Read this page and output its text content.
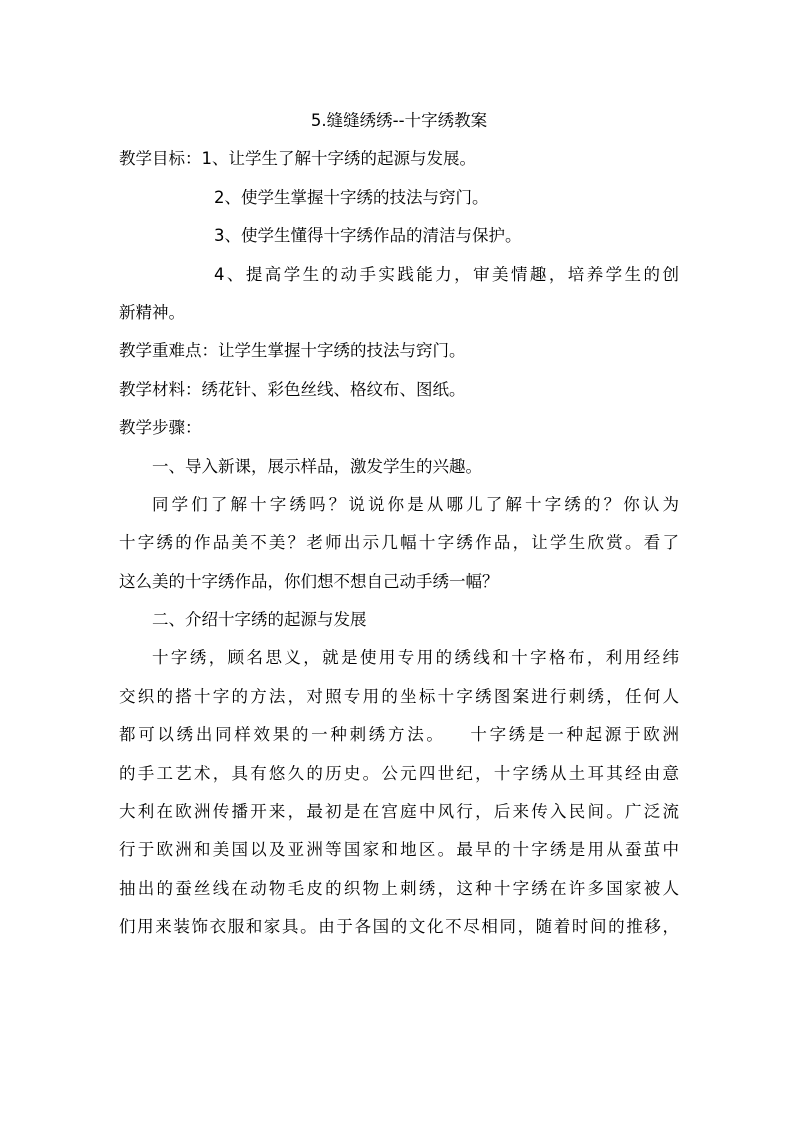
5.缝缝绣绣--十字绣教案
教学目标：1、让学生了解十字绣的起源与发展。
2、使学生掌握十字绣的技法与窍门。
3、使学生懂得十字绣作品的清洁与保护。
4、提高学生的动手实践能力，审美情趣，培养学生的创
新精神。
教学重难点：让学生掌握十字绣的技法与窍门。
教学材料：绣花针、彩色丝线、格纹布、图纸。
教学步骤：
一、导入新课，展示样品，激发学生的兴趣。
同学们了解十字绣吗？说说你是从哪儿了解十字绣的？你认为
十字绣的作品美不美？老师出示几幅十字绣作品，让学生欣赏。看了
这么美的十字绣作品，你们想不想自己动手绣一幅？
二、介绍十字绣的起源与发展
十字绣，顾名思义，就是使用专用的绣线和十字格布，利用经纬
交织的搭十字的方法，对照专用的坐标十字绣图案进行刺绣，任何人
都可以绣出同样效果的一种刺绣方法。 十字绣是一种起源于欧洲
的手工艺术，具有悠久的历史。公元四世纪，十字绣从土耳其经由意
大利在欧洲传播开来，最初是在宫庭中风行，后来传入民间。广泛流
行于欧洲和美国以及亚洲等国家和地区。最早的十字绣是用从蚕茧中
抽出的蚕丝线在动物毛皮的织物上刺绣，这种十字绣在许多国家被人
们用来装饰衣服和家具。由于各国的文化不尽相同，随着时间的推移，
